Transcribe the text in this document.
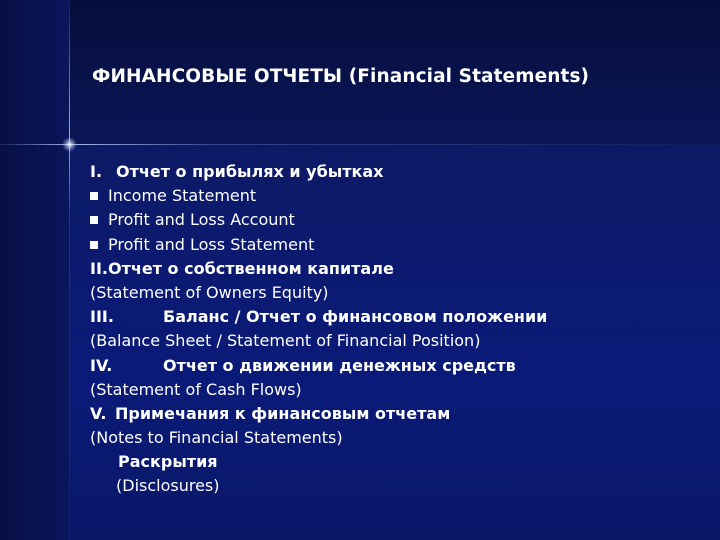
ФИНАНСОВЫЕ ОТЧЕТЫ (Financial Statements)
I. Отчет о прибылях и убытках
Income Statement
Profit and Loss Account
Profit and Loss Statement
II.Отчет о собственном капитале
(Statement of Owners Equity)
III.	Баланс / Отчет о финансовом положении
(Balance Sheet / Statement of Financial Position)
IV.	Отчет о движении денежных средств
(Statement of Cash Flows)
V. Примечания к финансовым отчетам
(Notes to Financial Statements)
Раскрытия
(Disclosures)
